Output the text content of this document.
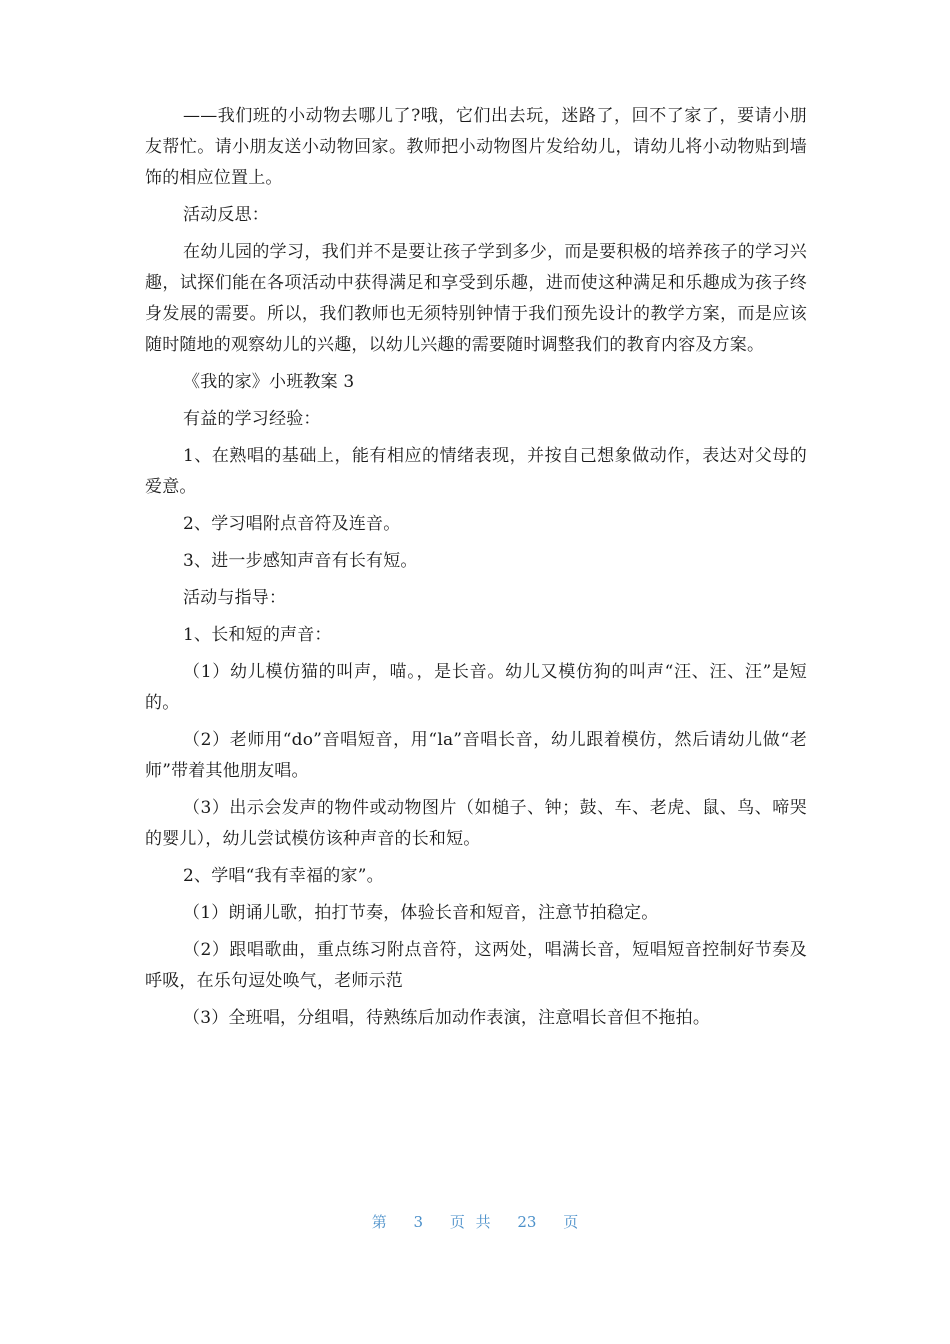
——我们班的小动物去哪儿了?哦，它们出去玩，迷路了，回不了家了，要请小朋友帮忙。请小朋友送小动物回家。教师把小动物图片发给幼儿，请幼儿将小动物贴到墙饰的相应位置上。

活动反思：

在幼儿园的学习，我们并不是要让孩子学到多少，而是要积极的培养孩子的学习兴趣，试探们能在各项活动中获得满足和享受到乐趣，进而使这种满足和乐趣成为孩子终身发展的需要。所以，我们教师也无须特别钟情于我们预先设计的教学方案，而是应该随时随地的观察幼儿的兴趣，以幼儿兴趣的需要随时调整我们的教育内容及方案。

《我的家》小班教案 3

有益的学习经验：

1、在熟唱的基础上，能有相应的情绪表现，并按自己想象做动作，表达对父母的爱意。

2、学习唱附点音符及连音。

3、进一步感知声音有长有短。

活动与指导：

1、长和短的声音：

（1）幼儿模仿猫的叫声，喵。，是长音。幼儿又模仿狗的叫声“汪、汪、汪”是短的。

（2）老师用“do”音唱短音，用“la”音唱长音，幼儿跟着模仿，然后请幼儿做“老师”带着其他朋友唱。

（3）出示会发声的物件或动物图片（如槌子、钟；鼓、车、老虎、鼠、鸟、啼哭的婴儿），幼儿尝试模仿该种声音的长和短。

2、学唱“我有幸福的家”。

（1）朗诵儿歌，拍打节奏，体验长音和短音，注意节拍稳定。

（2）跟唱歌曲，重点练习附点音符，这两处，唱满长音，短唱短音控制好节奏及呼吸，在乐句逗处唤气，老师示范

（3）全班唱，分组唱，待熟练后加动作表演，注意唱长音但不拖拍。

第 3 页 共 23 页
